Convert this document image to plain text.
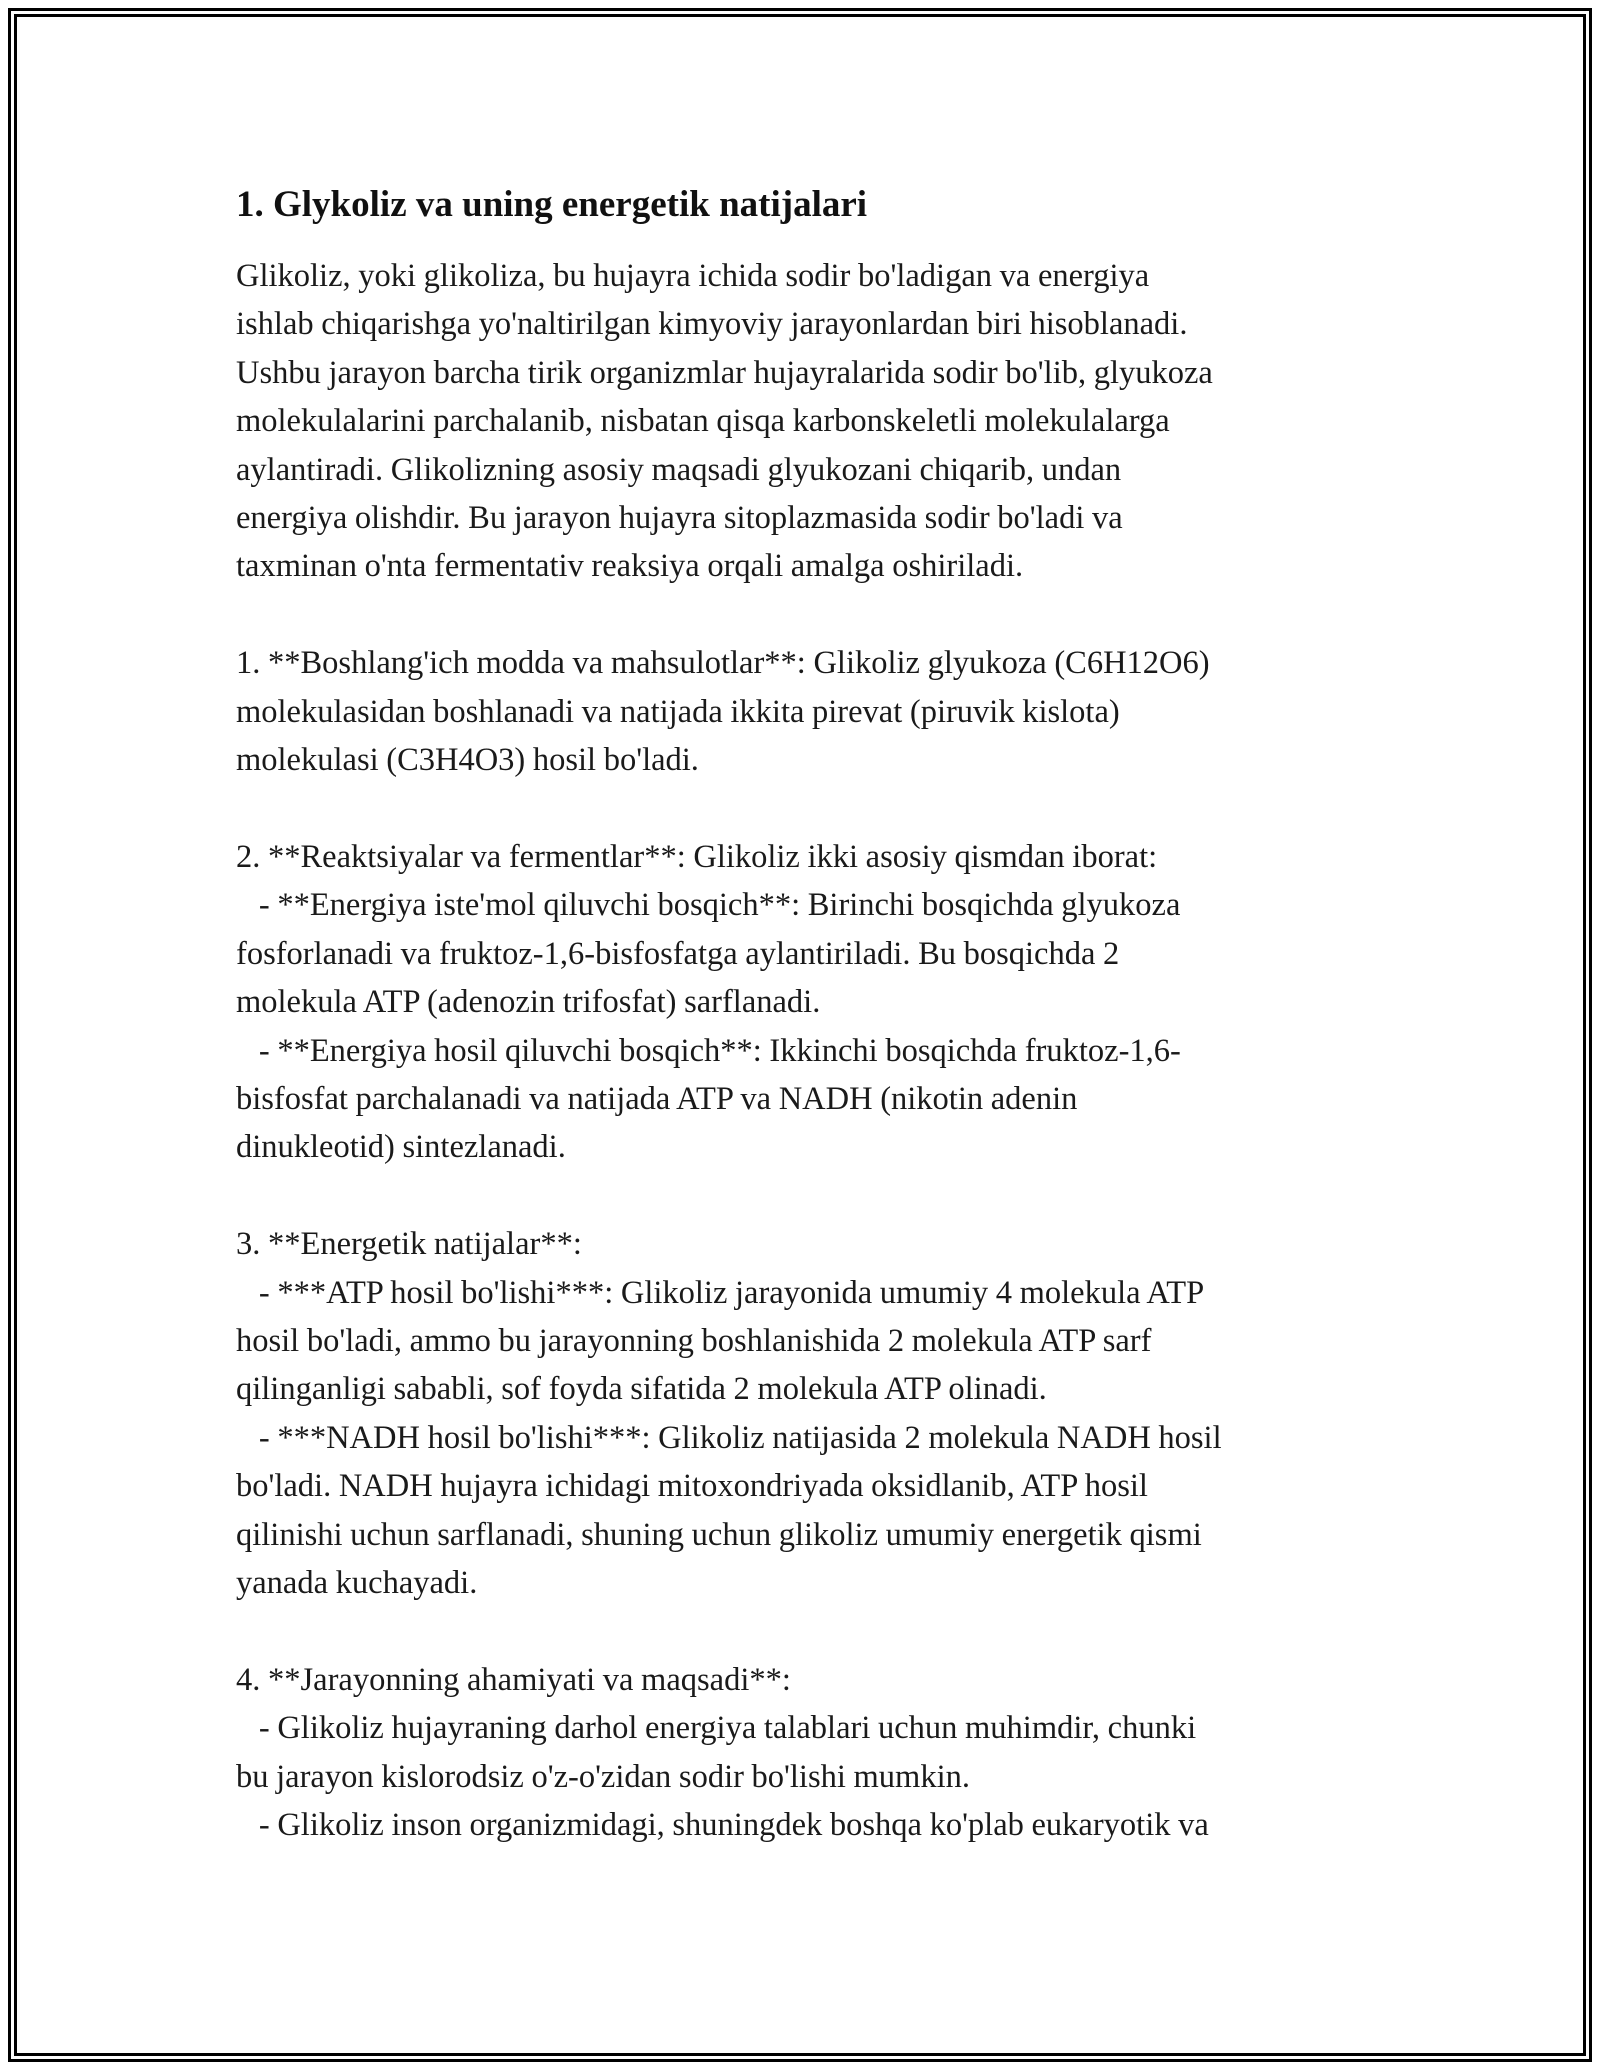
1. Glykoliz va uning energetik natijalari

Glikoliz, yoki glikoliza, bu hujayra ichida sodir bo'ladigan va energiya
ishlab chiqarishga yo'naltirilgan kimyoviy jarayonlardan biri hisoblanadi.
Ushbu jarayon barcha tirik organizmlar hujayralarida sodir bo'lib, glyukoza
molekulalarini parchalanib, nisbatan qisqa karbonskeletli molekulalarga
aylantiradi. Glikolizning asosiy maqsadi glyukozani chiqarib, undan
energiya olishdir. Bu jarayon hujayra sitoplazmasida sodir bo'ladi va
taxminan o'nta fermentativ reaksiya orqali amalga oshiriladi.

1. **Boshlang'ich modda va mahsulotlar**: Glikoliz glyukoza (C6H12O6)
molekulasidan boshlanadi va natijada ikkita pirevat (piruvik kislota)
molekulasi (C3H4O3) hosil bo'ladi.

2. **Reaktsiyalar va fermentlar**: Glikoliz ikki asosiy qismdan iborat:
- **Energiya iste'mol qiluvchi bosqich**: Birinchi bosqichda glyukoza
fosforlanadi va fruktoz-1,6-bisfosfatga aylantiriladi. Bu bosqichda 2
molekula ATP (adenozin trifosfat) sarflanadi.
- **Energiya hosil qiluvchi bosqich**: Ikkinchi bosqichda fruktoz-1,6-
bisfosfat parchalanadi va natijada ATP va NADH (nikotin adenin
dinukleotid) sintezlanadi.

3. **Energetik natijalar**:
- ***ATP hosil bo'lishi***: Glikoliz jarayonida umumiy 4 molekula ATP
hosil bo'ladi, ammo bu jarayonning boshlanishida 2 molekula ATP sarf
qilinganligi sababli, sof foyda sifatida 2 molekula ATP olinadi.
- ***NADH hosil bo'lishi***: Glikoliz natijasida 2 molekula NADH hosil
bo'ladi. NADH hujayra ichidagi mitoxondriyada oksidlanib, ATP hosil
qilinishi uchun sarflanadi, shuning uchun glikoliz umumiy energetik qismi
yanada kuchayadi.

4. **Jarayonning ahamiyati va maqsadi**:
- Glikoliz hujayraning darhol energiya talablari uchun muhimdir, chunki
bu jarayon kislorodsiz o'z-o'zidan sodir bo'lishi mumkin.
- Glikoliz inson organizmidagi, shuningdek boshqa ko'plab eukaryotik va
